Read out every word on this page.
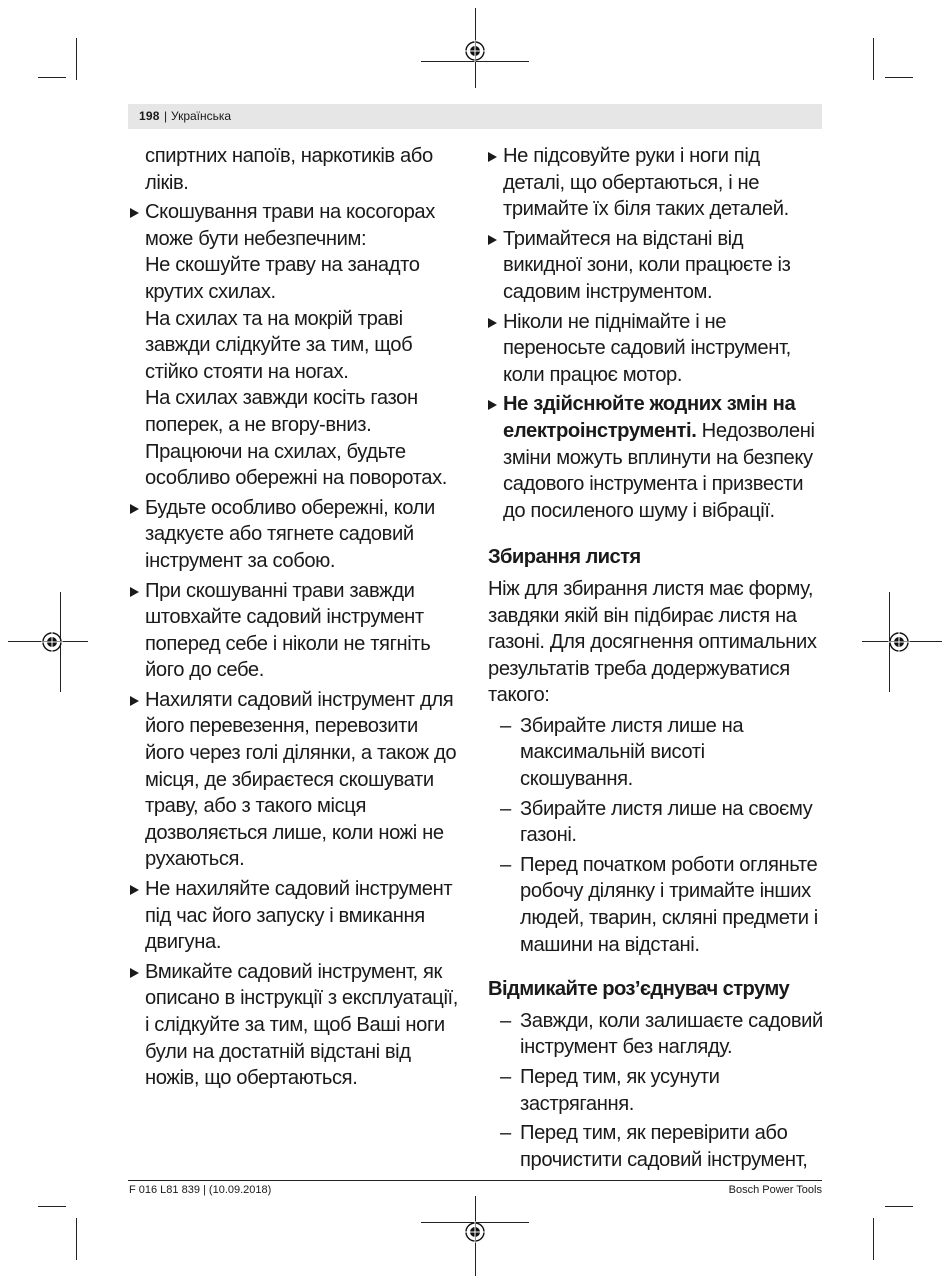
198 | Українська
спиртних напоїв, наркотиків або
ліків.
Скошування трави на косогорах
може бути небезпечним:
Не скошуйте траву на занадто
крутих схилах.
На схилах та на мокрій траві
завжди слідкуйте за тим, щоб
стійко стояти на ногах.
На схилах завжди косіть газон
поперек, а не вгору-вниз.
Працюючи на схилах, будьте
особливо обережні на поворотах.
Будьте особливо обережні, коли
задкуєте або тягнете садовий
інструмент за собою.
При скошуванні трави завжди
штовхайте садовий інструмент
поперед себе і ніколи не тягніть
його до себе.
Нахиляти садовий інструмент для
його перевезення, перевозити
його через голі ділянки, а також до
місця, де збираєтеся скошувати
траву, або з такого місця
дозволяється лише, коли ножі не
рухаються.
Не нахиляйте садовий інструмент
під час його запуску і вмикання
двигуна.
Вмикайте садовий інструмент, як
описано в інструкції з експлуатації,
і слідкуйте за тим, щоб Ваші ноги
були на достатній відстані від
ножів, що обертаються.
Не підсовуйте руки і ноги під
деталі, що обертаються, і не
тримайте їх біля таких деталей.
Тримайтеся на відстані від
викидної зони, коли працюєте із
садовим інструментом.
Ніколи не піднімайте і не
переносьте садовий інструмент,
коли працює мотор.
Не здійснюйте жодних змін на
електроінструменті. Недозволені
зміни можуть вплинути на безпеку
садового інструмента і призвести
до посиленого шуму і вібрації.
Збирання листя
Ніж для збирання листя має форму,
завдяки якій він підбирає листя на
газоні. Для досягнення оптимальних
результатів треба додержуватися
такого:
– Збирайте листя лише на
максимальній висоті
скошування.
– Збирайте листя лише на своєму
газоні.
– Перед початком роботи огляньте
робочу ділянку і тримайте інших
людей, тварин, скляні предмети і
машини на відстані.
Відмикайте роз’єднувач струму
– Завжди, коли залишаєте садовий
інструмент без нагляду.
– Перед тим, як усунути
застрягання.
– Перед тим, як перевірити або
прочистити садовий інструмент,
F 016 L81 839 | (10.09.2018)	Bosch Power Tools
